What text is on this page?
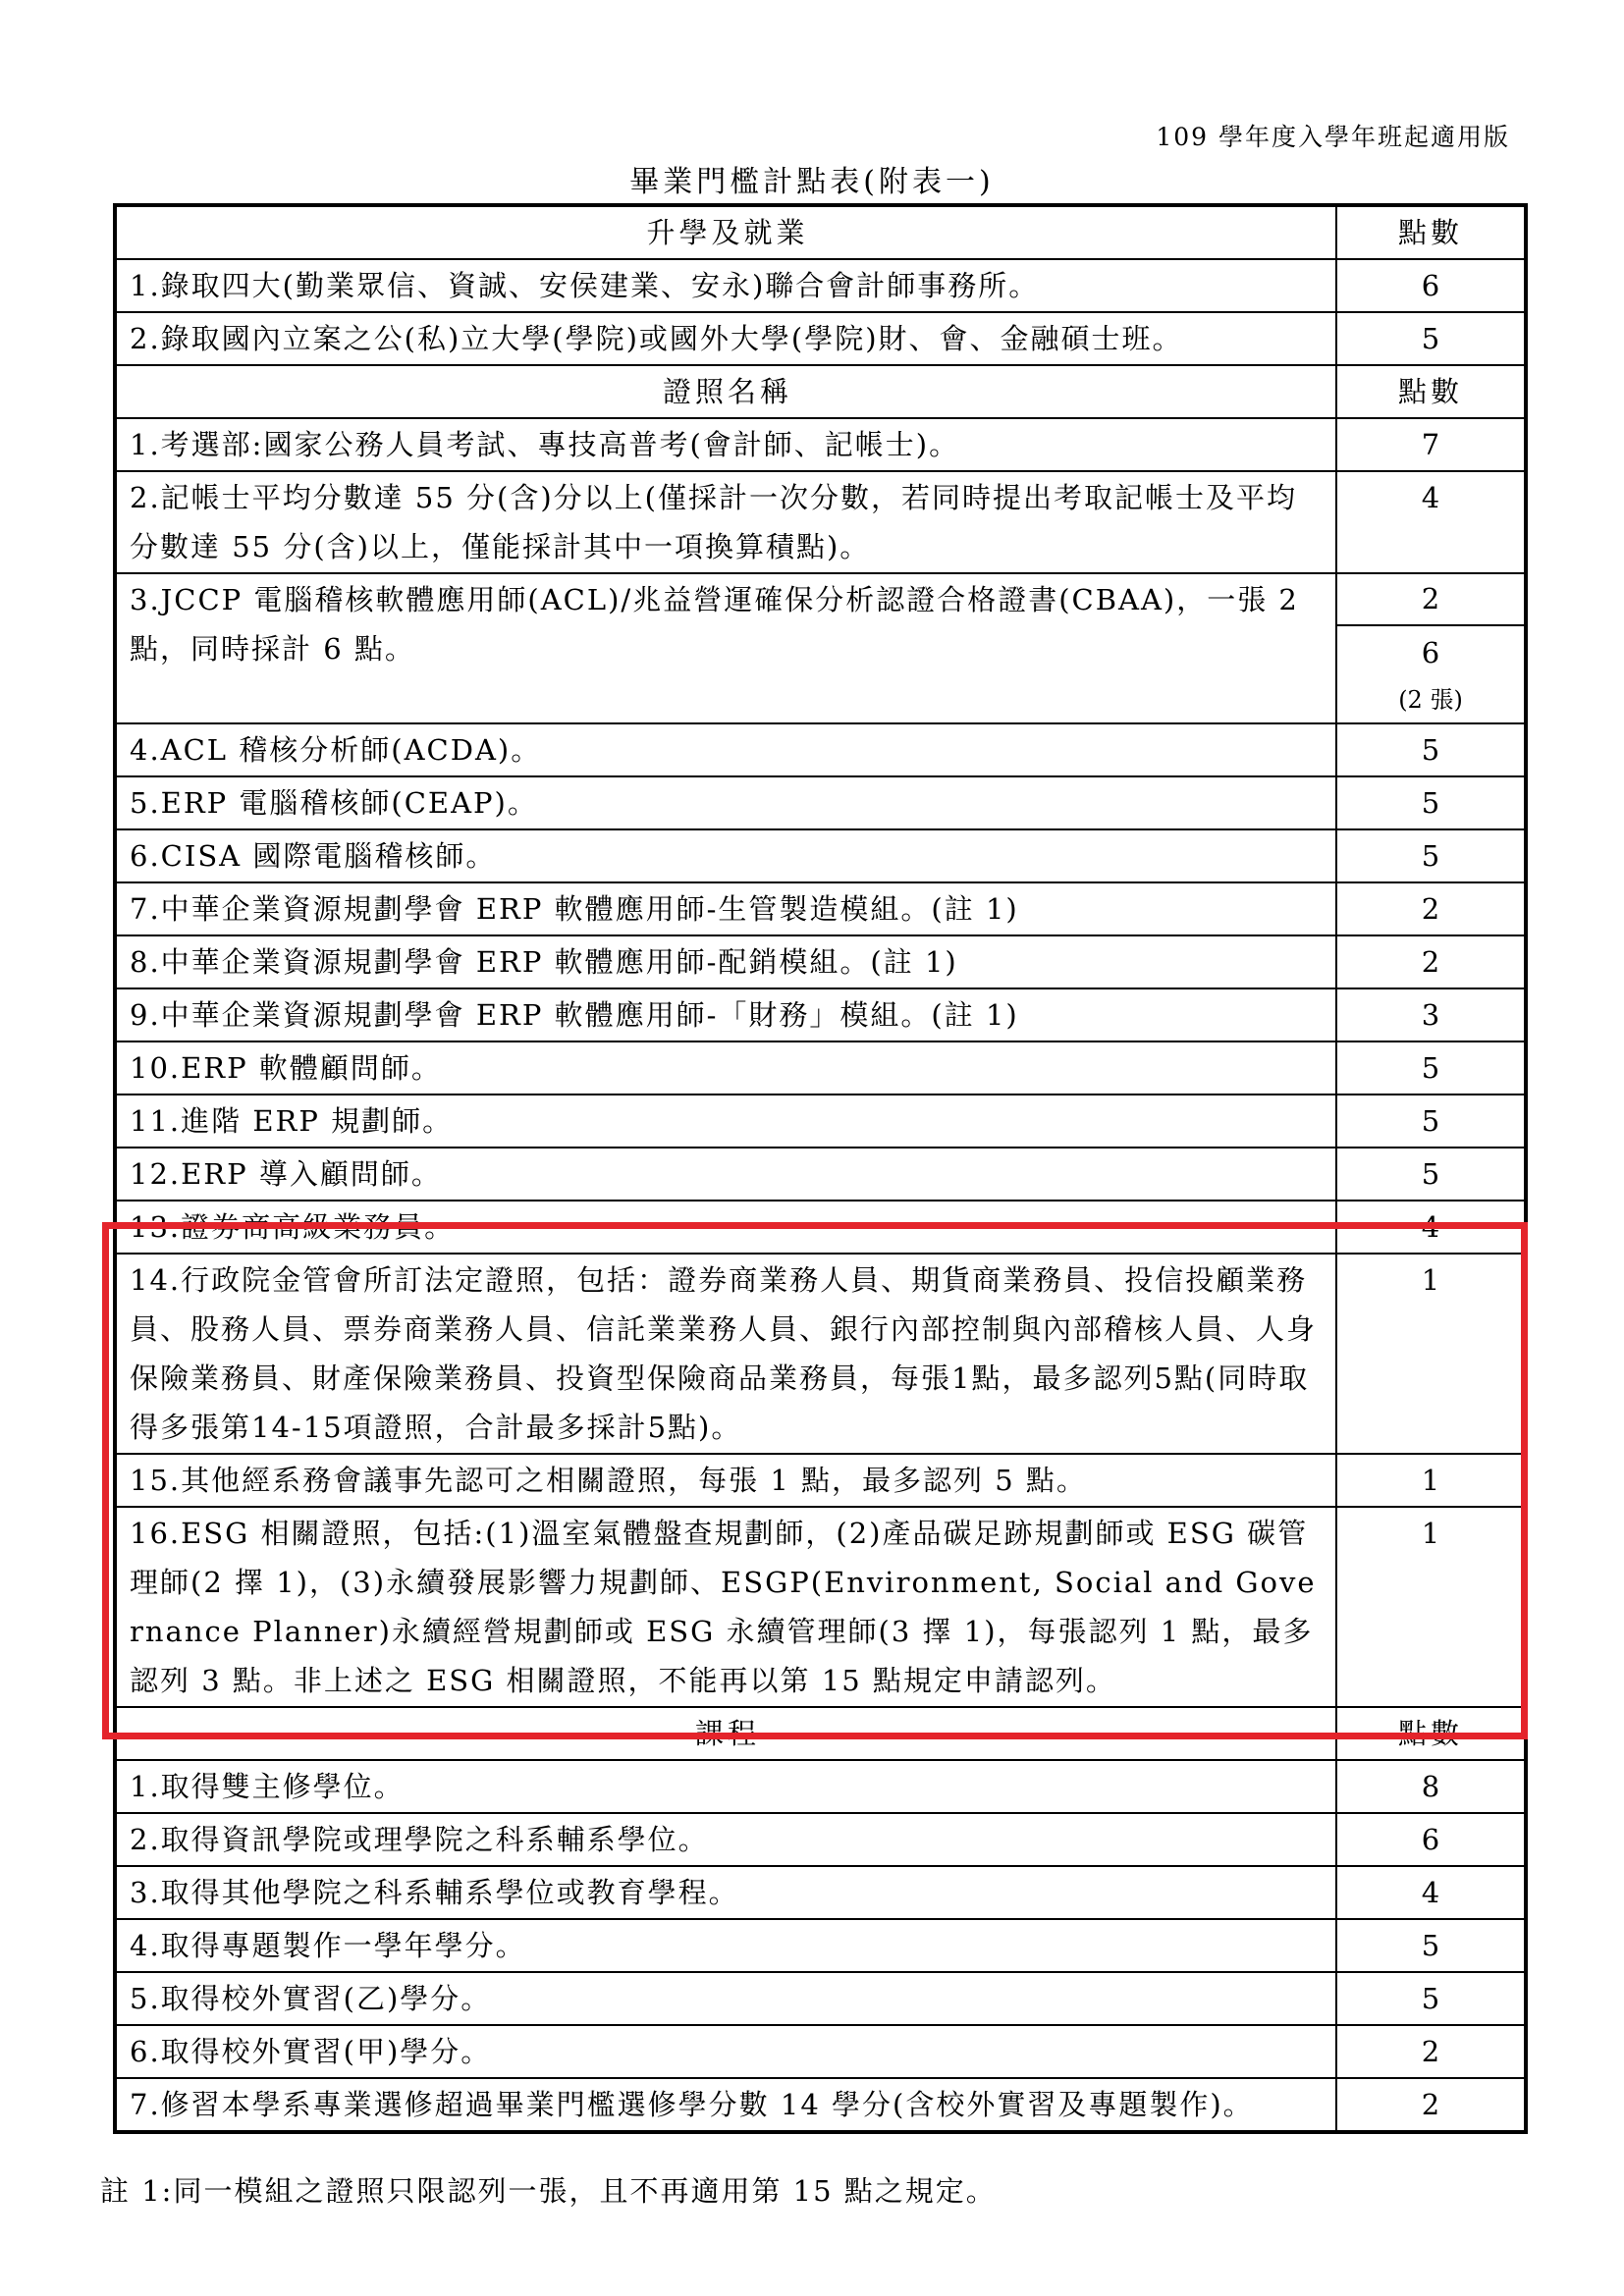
109 學年度入學年班起適用版
畢業門檻計點表(附表一)
升學及就業	點數
1.錄取四大(勤業眾信、資誠、安侯建業、安永)聯合會計師事務所。	6
2.錄取國內立案之公(私)立大學(學院)或國外大學(學院)財、會、金融碩士班。	5
證照名稱	點數
1.考選部:國家公務人員考試、專技高普考(會計師、記帳士)。	7
2.記帳士平均分數達 55 分(含)分以上(僅採計一次分數，若同時提出考取記帳士及平均分數達 55 分(含)以上，僅能採計其中一項換算積點)。	4
3.JCCP 電腦稽核軟體應用師(ACL)/兆益營運確保分析認證合格證書(CBAA)，一張 2 點，同時採計 6 點。	2
6
(2 張)

4.ACL 稽核分析師(ACDA)。	5
5.ERP 電腦稽核師(CEAP)。	5
6.CISA 國際電腦稽核師。	5
7.中華企業資源規劃學會 ERP 軟體應用師-生管製造模組。(註 1)	2
8.中華企業資源規劃學會 ERP 軟體應用師-配銷模組。(註 1)	2
9.中華企業資源規劃學會 ERP 軟體應用師-「財務」模組。(註 1)	3
10.ERP 軟體顧問師。	5
11.進階 ERP 規劃師。	5
12.ERP 導入顧問師。	5
13.證券商高級業務員。	4
14.行政院金管會所訂法定證照，包括：證券商業務人員、期貨商業務員、投信投顧業務員、股務人員、票券商業務人員、信託業業務人員、銀行內部控制與內部稽核人員、人身保險業務員、財產保險業務員、投資型保險商品業務員，每張1點，最多認列5點(同時取得多張第14-15項證照，合計最多採計5點)。	1
15.其他經系務會議事先認可之相關證照，每張 1 點，最多認列 5 點。	1
16.ESG 相關證照，包括:(1)溫室氣體盤查規劃師，(2)產品碳足跡規劃師或 ESG 碳管理師(2 擇 1)，(3)永續發展影響力規劃師、ESGP(Environment, Social and Governance Planner)永續經營規劃師或 ESG 永續管理師(3 擇 1)，每張認列 1 點，最多認列 3 點。非上述之 ESG 相關證照，不能再以第 15 點規定申請認列。	1
課程	點數
1.取得雙主修學位。	8
2.取得資訊學院或理學院之科系輔系學位。	6
3.取得其他學院之科系輔系學位或教育學程。	4
4.取得專題製作一學年學分。	5
5.取得校外實習(乙)學分。	5
6.取得校外實習(甲)學分。	2
7.修習本學系專業選修超過畢業門檻選修學分數 14 學分(含校外實習及專題製作)。	2
註 1:同一模組之證照只限認列一張，且不再適用第 15 點之規定。
